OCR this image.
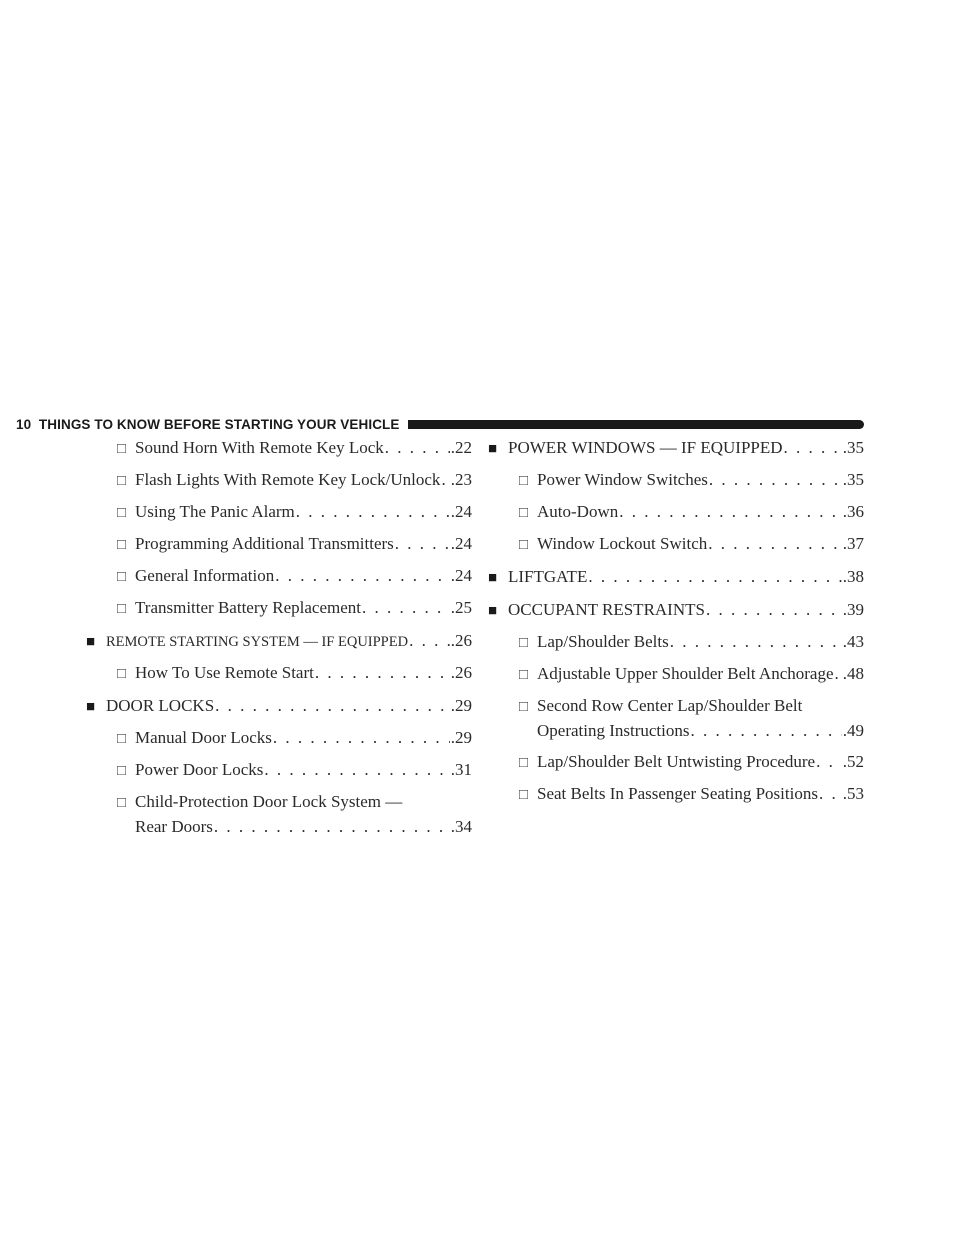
10
THINGS TO KNOW BEFORE STARTING YOUR VEHICLE
□ Sound Horn With Remote Key Lock . . .	.22
□ Flash Lights With Remote Key Lock/Unlock . . . .23
□ Using The Panic Alarm . . .	.24
□ Programming Additional Transmitters . . .	.24
□ General Information . . .	.24
□ Transmitter Battery Replacement . . .	.25
■ REMOTE STARTING SYSTEM — IF EQUIPPED . . .	.26
□ How To Use Remote Start . . .	.26
■ DOOR LOCKS . . .	.29
□ Manual Door Locks . . .	.29
□ Power Door Locks . . .	.31
□ Child-Protection Door Lock System —
Rear Doors . . .	.34
■ POWER WINDOWS — IF EQUIPPED . . .	.35
□ Power Window Switches . . .	.35
□ Auto-Down . . .	.36
□ Window Lockout Switch . . .	.37
■ LIFTGATE . . .	.38
■ OCCUPANT RESTRAINTS . . .	.39
□ Lap/Shoulder Belts . . .	.43
□ Adjustable Upper Shoulder Belt Anchorage . . . .48
□ Second Row Center Lap/Shoulder Belt
Operating Instructions . . .	.49
□ Lap/Shoulder Belt Untwisting Procedure . . . .52
□ Seat Belts In Passenger Seating Positions . . . .53
